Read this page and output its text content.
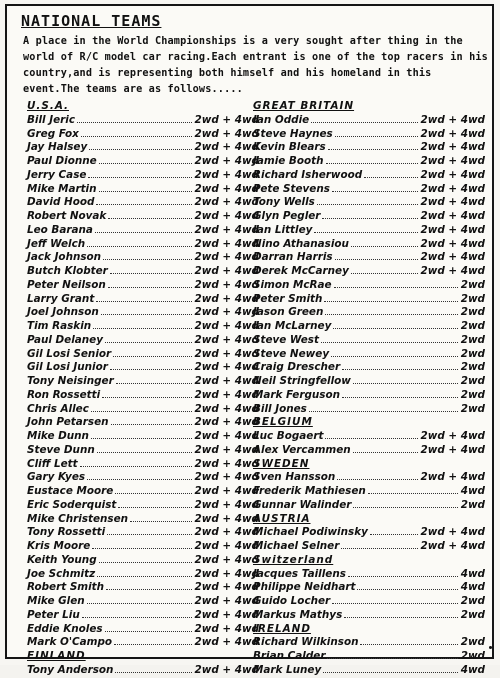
NATIONAL TEAMS
A place in the World Championships is a very sought after thing in the world of R/C model car racing.Each entrant is one of the top racers in his country,and is representing both himself and his homeland in this event.The teams are as follows.....
U.S.A.
Bill Jeric	2wd + 4wd
Greg Fox	2wd + 4wd
Jay Halsey	2wd + 4wd
Paul Dionne	2wd + 4wd
Jerry Case	2wd + 4wd
Mike Martin	2wd + 4wd
David Hood	2wd + 4wd
Robert Novak	2wd + 4wd
Leo Barana	2wd + 4wd
Jeff Welch	2wd + 4wd
Jack Johnson	2wd + 4wd
Butch Klobter	2wd + 4wd
Peter Neilson	2wd + 4wd
Larry Grant	2wd + 4wd
Joel Johnson	2wd + 4wd
Tim Raskin	2wd + 4wd
Paul Delaney	2wd + 4wd
Gil Losi Senior	2wd + 4wd
Gil Losi Junior	2wd + 4wd
Tony Neisinger	2wd + 4wd
Ron Rossetti	2wd + 4wd
Chris Allec	2wd + 4wd
John Petarsen	2wd + 4wd
Mike Dunn	2wd + 4wd
Steve Dunn	2wd + 4wd
Cliff Lett	2wd + 4wd
Gary Kyes	2wd + 4wd
Eustace Moore	2wd + 4wd
Eric Soderquist	2wd + 4wd
Mike Christensen	2wd + 4wd
Tony Rossetti	2wd + 4wd
Kris Moore	2wd + 4wd
Keith Young	2wd + 4wd
Joe Schmitz	2wd + 4wd
Robert Smith	2wd + 4wd
Mike Glen	2wd + 4wd
Peter Liu	2wd + 4wd
Eddie Knoles	2wd + 4wd
Mark O'Campo	2wd + 4wd
FINLAND
Tony Anderson	2wd + 4wd
GREAT BRITAIN
Ian Oddie	2wd + 4wd
Steve Haynes	2wd + 4wd
Kevin Blears	2wd + 4wd
Jamie Booth	2wd + 4wd
Richard Isherwood	2wd + 4wd
Pete Stevens	2wd + 4wd
Tony Wells	2wd + 4wd
Glyn Pegler	2wd + 4wd
Ian Littley	2wd + 4wd
Nino Athanasiou	2wd + 4wd
Darran Harris	2wd + 4wd
Derek McCarney	2wd + 4wd
Simon McRae	2wd
Peter Smith	2wd
Jason Green	2wd
Ian McLarney	2wd
Steve West	2wd
Steve Newey	2wd
Craig Drescher	2wd
Neil Stringfellow	2wd
Mark Ferguson	2wd
Bill Jones	2wd
BELGIUM
Luc Bogaert	2wd + 4wd
Alex Vercammen	2wd + 4wd
SWEDEN
Sven Hansson	2wd + 4wd
Frederik Mathiesen	4wd
Gunnar Walinder	2wd
AUSTRIA
Michael Podiwinsky	2wd + 4wd
Michael Selner	2wd + 4wd
Switzerland
Jacques Taillens	4wd
Philippe Neidhart	4wd
Guido Locher	2wd
Markus Mathys	2wd
IRELAND
Richard Wilkinson	2wd
Brian Calder	2wd
Mark Luney	4wd
